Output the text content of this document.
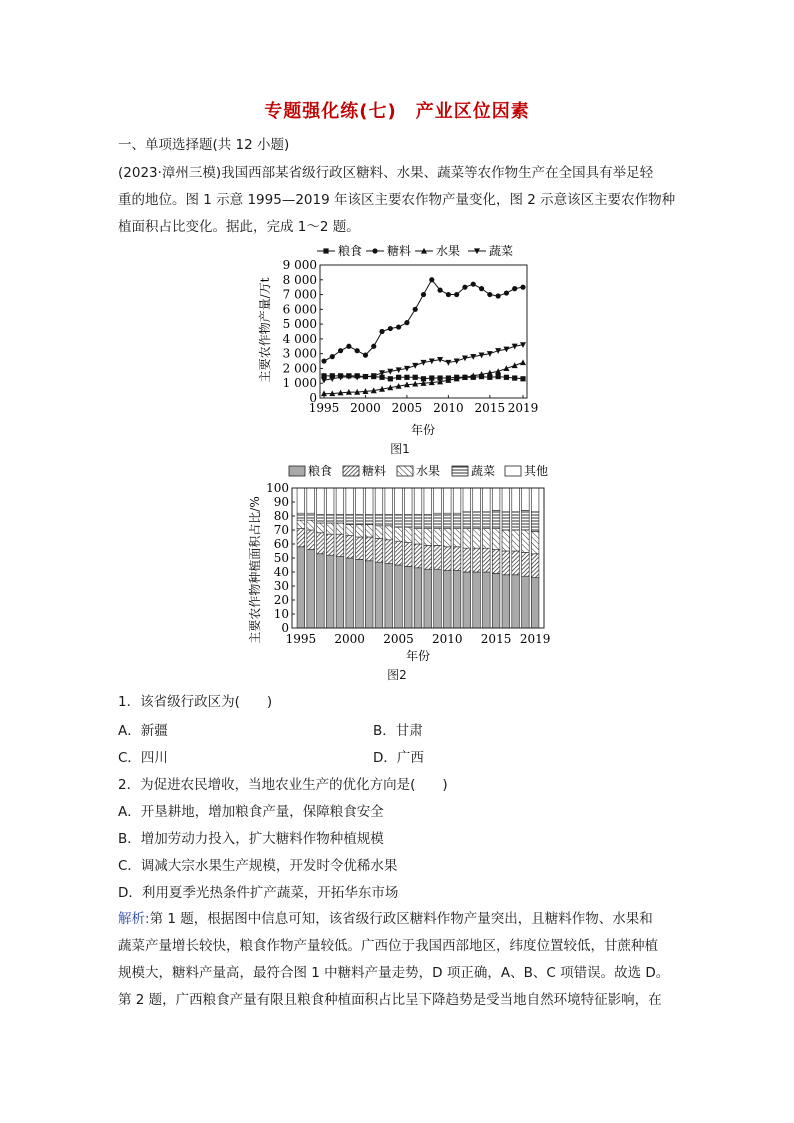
专题强化练(七)　产业区位因素
一、单项选择题(共 12 小题)
(2023·漳州三模)我国西部某省级行政区糖料、水果、蔬菜等农作物生产在全国具有举足轻
重的地位。图 1 示意 1995—2019 年该区主要农作物产量变化，图 2 示意该区主要农作物种
植面积占比变化。据此，完成 1～2 题。
粮食 糖料 水果 蔬菜
主要农作物产量/万t
0
1 000
2 000
3 000
4 000
5 000
6 000
7 000
8 000
9 000
1995 2000 2005 2010 2015 2019
年份
图1
粮食 糖料 水果	蔬菜 其他
主要农作物种植面积占比/% 0
10
20
30
40
50
60
70
80
90
100
1995 2000 2005 2010 2015 2019
年份
图2
1．该省级行政区为(　　)
A．新疆	B．甘肃
C．四川	D．广西
2．为促进农民增收，当地农业生产的优化方向是(　　)
A．开垦耕地，增加粮食产量，保障粮食安全
B．增加劳动力投入，扩大糖料作物种植规模
C．调减大宗水果生产规模，开发时令优稀水果
D．利用夏季光热条件扩产蔬菜，开拓华东市场
解析:第 1 题，根据图中信息可知，该省级行政区糖料作物产量突出，且糖料作物、水果和
蔬菜产量增长较快，粮食作物产量较低。广西位于我国西部地区，纬度位置较低，甘蔗种植
规模大，糖料产量高，最符合图 1 中糖料产量走势，D 项正确，A、B、C 项错误。故选 D。
第 2 题，广西粮食产量有限且粮食种植面积占比呈下降趋势是受当地自然环境特征影响，在
